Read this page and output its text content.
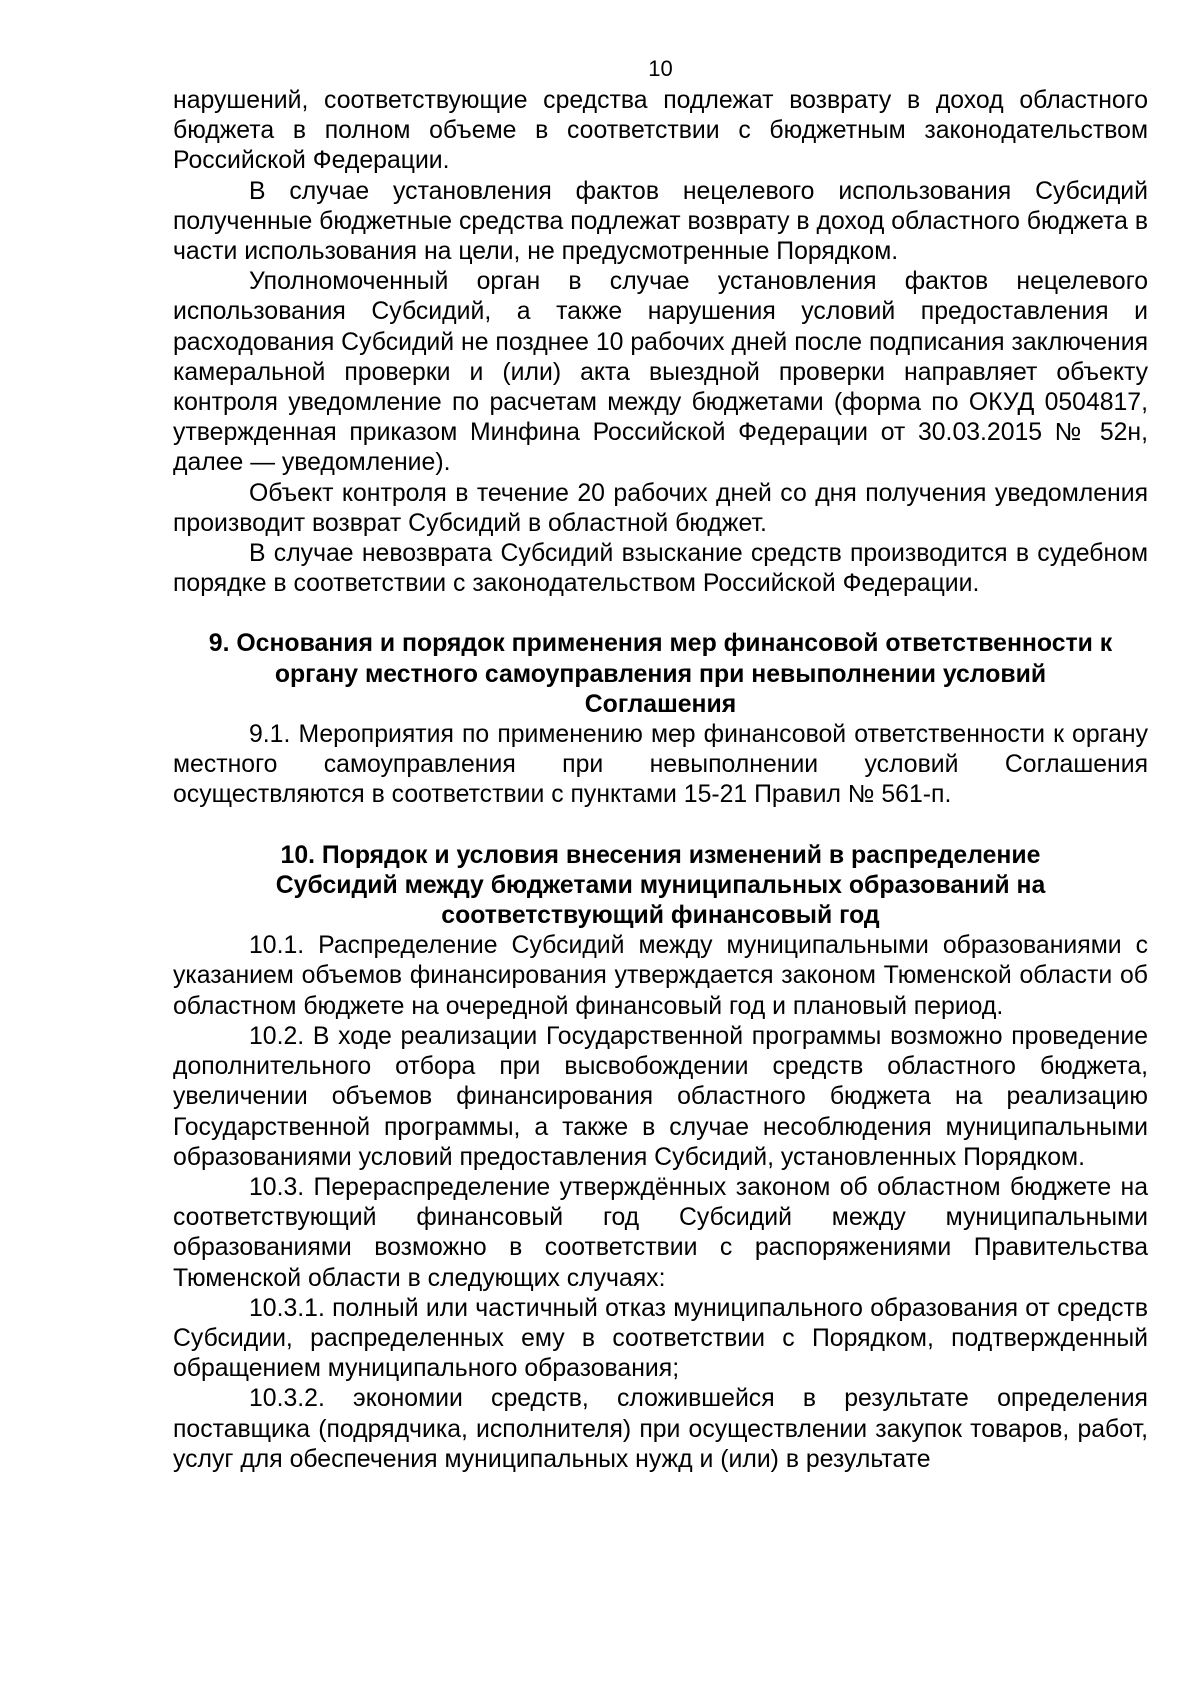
10

нарушений, соответствующие средства подлежат возврату в доход областного бюджета в полном объеме в соответствии с бюджетным законодательством Российской Федерации.

В случае установления фактов нецелевого использования Субсидий полученные бюджетные средства подлежат возврату в доход областного бюджета в части использования на цели, не предусмотренные Порядком.

Уполномоченный орган в случае установления фактов нецелевого использования Субсидий, а также нарушения условий предоставления и расходования Субсидий не позднее 10 рабочих дней после подписания заключения камеральной проверки и (или) акта выездной проверки направляет объекту контроля уведомление по расчетам между бюджетами (форма по ОКУД 0504817, утвержденная приказом Минфина Российской Федерации от 30.03.2015 № 52н, далее — уведомление).

Объект контроля в течение 20 рабочих дней со дня получения уведомления производит возврат Субсидий в областной бюджет.

В случае невозврата Субсидий взыскание средств производится в судебном порядке в соответствии с законодательством Российской Федерации.

9. Основания и порядок применения мер финансовой ответственности к
органу местного самоуправления при невыполнении условий
Соглашения

9.1. Мероприятия по применению мер финансовой ответственности к органу местного самоуправления при невыполнении условий Соглашения осуществляются в соответствии с пунктами 15-21 Правил № 561-п.

10. Порядок и условия внесения изменений в распределение
Субсидий между бюджетами муниципальных образований на
соответствующий финансовый год

10.1. Распределение Субсидий между муниципальными образованиями с указанием объемов финансирования утверждается законом Тюменской области об областном бюджете на очередной финансовый год и плановый период.

10.2. В ходе реализации Государственной программы возможно проведение дополнительного отбора при высвобождении средств областного бюджета, увеличении объемов финансирования областного бюджета на реализацию Государственной программы, а также в случае несоблюдения муниципальными образованиями условий предоставления Субсидий, установленных Порядком.

10.3. Перераспределение утверждённых законом об областном бюджете на соответствующий финансовый год Субсидий между муниципальными образованиями возможно в соответствии с распоряжениями Правительства Тюменской области в следующих случаях:

10.3.1. полный или частичный отказ муниципального образования от средств Субсидии, распределенных ему в соответствии с Порядком, подтвержденный обращением муниципального образования;

10.3.2. экономии средств, сложившейся в результате определения поставщика (подрядчика, исполнителя) при осуществлении закупок товаров, работ, услуг для обеспечения муниципальных нужд и (или) в результате
